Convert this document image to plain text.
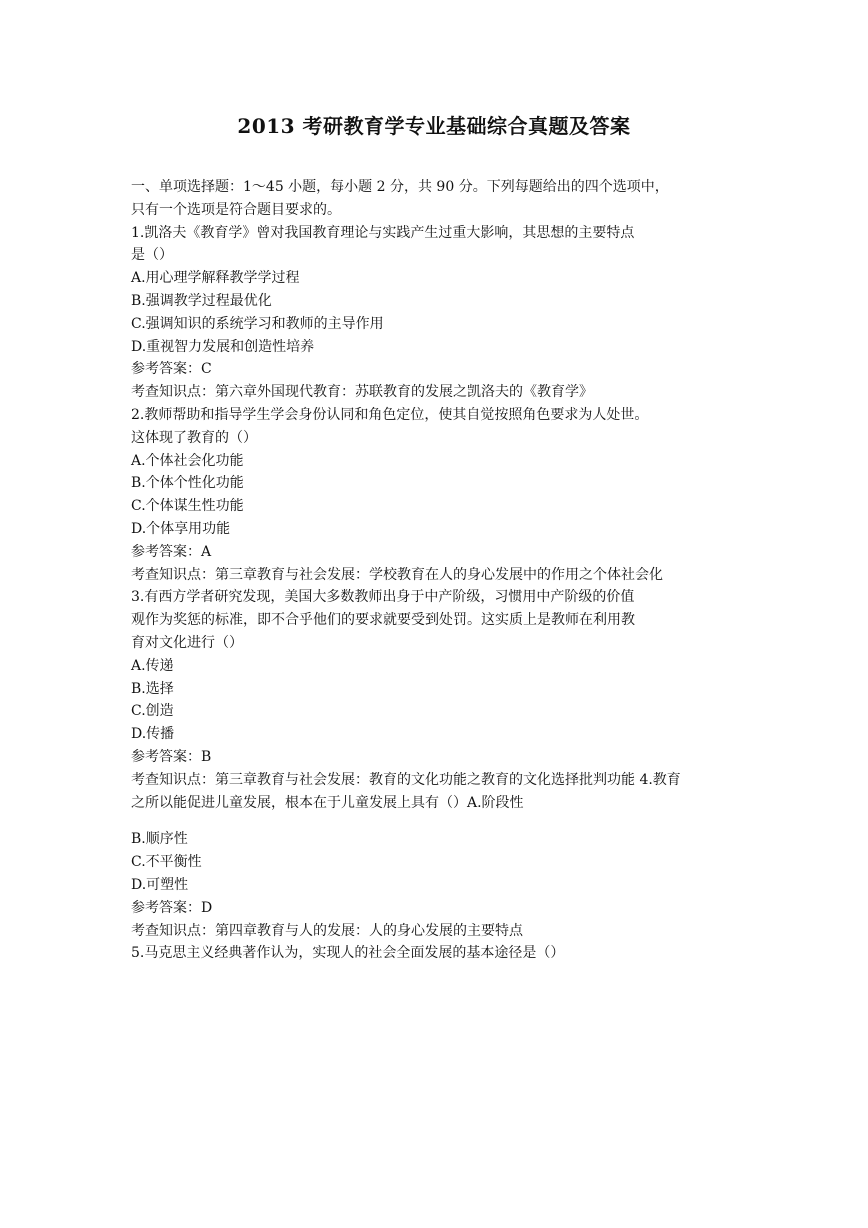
2013 考研教育学专业基础综合真题及答案
一、单项选择题：1～45 小题，每小题 2 分，共 90 分。下列每题给出的四个选项中，
只有一个选项是符合题目要求的。
1.凯洛夫《教育学》曾对我国教育理论与实践产生过重大影响，其思想的主要特点
是（）
A.用心理学解释教学学过程
B.强调教学过程最优化
C.强调知识的系统学习和教师的主导作用
D.重视智力发展和创造性培养
参考答案：C
考查知识点：第六章外国现代教育：苏联教育的发展之凯洛夫的《教育学》
2.教师帮助和指导学生学会身份认同和角色定位，使其自觉按照角色要求为人处世。
这体现了教育的（）
A.个体社会化功能
B.个体个性化功能
C.个体谋生性功能
D.个体享用功能
参考答案：A
考查知识点：第三章教育与社会发展：学校教育在人的身心发展中的作用之个体社会化
3.有西方学者研究发现，美国大多数教师出身于中产阶级，习惯用中产阶级的价值
观作为奖惩的标准，即不合乎他们的要求就要受到处罚。这实质上是教师在利用教
育对文化进行（）
A.传递
B.选择
C.创造
D.传播
参考答案：B
考查知识点：第三章教育与社会发展：教育的文化功能之教育的文化选择批判功能 4.教育
之所以能促进儿童发展，根本在于儿童发展上具有（）A.阶段性
B.顺序性
C.不平衡性
D.可塑性
参考答案：D
考查知识点：第四章教育与人的发展：人的身心发展的主要特点
5.马克思主义经典著作认为，实现人的社会全面发展的基本途径是（）
